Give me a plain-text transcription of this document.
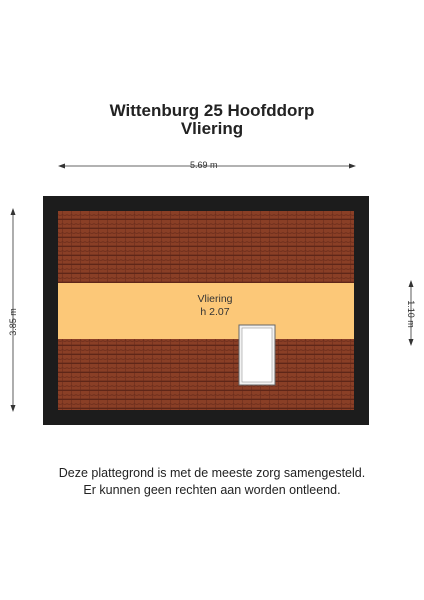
Wittenburg 25 Hoofddorp
Vliering
5.69 m
3.85 m	1.10 m
Vliering
h 2.07
Deze plattegrond is met de meeste zorg samengesteld.
Er kunnen geen rechten aan worden ontleend.
